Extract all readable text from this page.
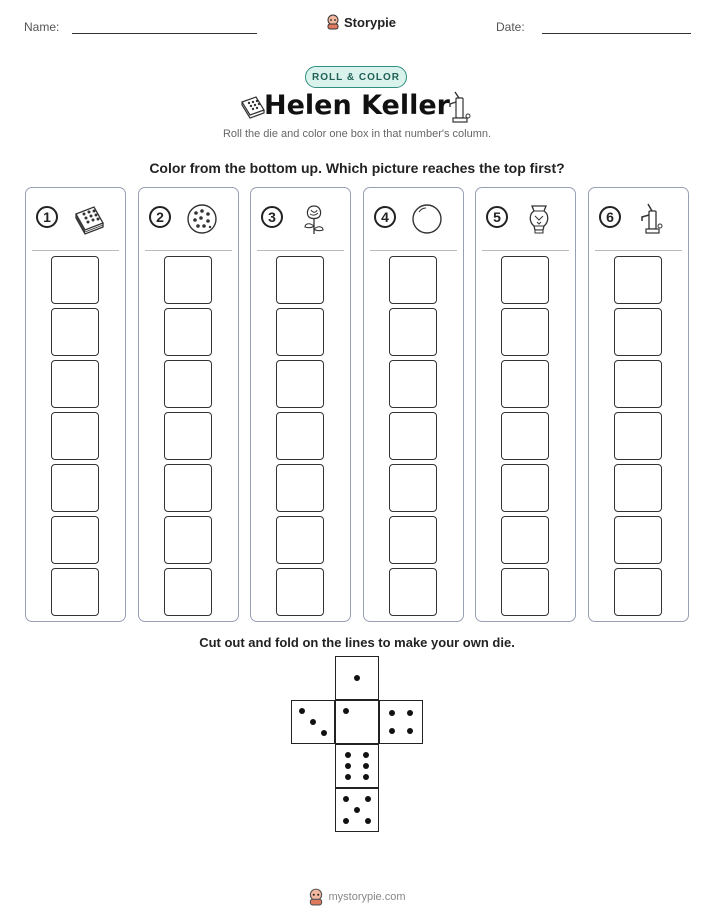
Name:	Storypie	Date:
ROLL & COLOR
Helen Keller
Roll the die and color one box in that number's column.
Color from the bottom up. Which picture reaches the top first?
1	2	3	4	5	6
Cut out and fold on the lines to make your own die.
mystorypie.com
